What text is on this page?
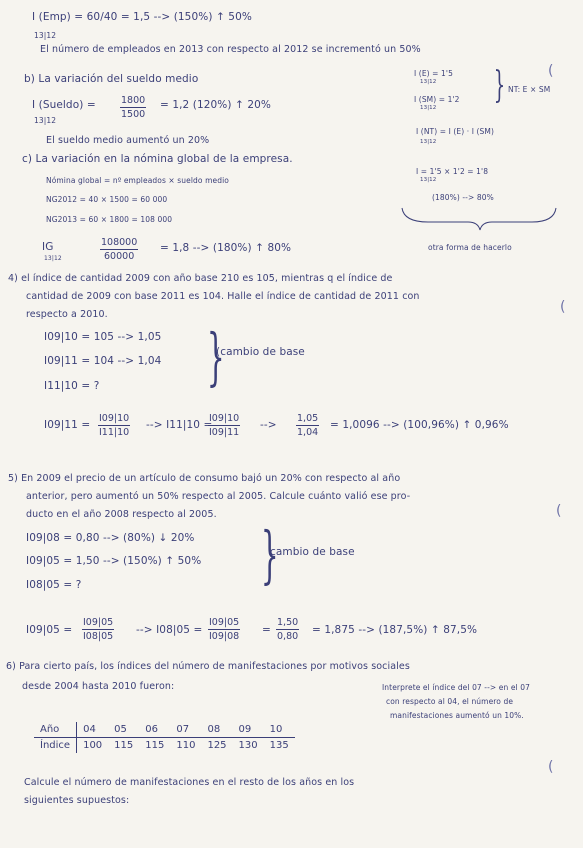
I (Emp) = 60/40 = 1,5 --> (150%) ↑ 50%
13|12
El número de empleados en 2013 con respecto al 2012 se incrementó un 50%
b) La variación del sueldo medio
I (Sueldo) =
13|12
$\frac{1800}{1500} = 1,2$ (120%) ↑ 20%
El sueldo medio aumentó un 20%
I (E) = 1'5
13|12
I (SM) = 1'2
13|12
} NT: E × SM
(
I (NT) = I (E) · I (SM)
13|12
c) La variación en la nómina global de la empresa.
Nómina global = nº empleados × sueldo medio
NG2012 = 40 × 1500 = 60 000
NG2013 = 60 × 1800 = 108 000
IG
13|12	$\frac{108000}{60000} = 1,8$ --> (180%) ↑ 80%
I = 1'5 × 1'2 = 1'8
13|12
(180%) --> 80%
otra forma de hacerlo
4) el índice de cantidad 2009 con año base 210 es 105, mientras q el índice de
cantidad de 2009 con base 2011 es 104. Halle el índice de cantidad de 2011 con
respecto a 2010.	(
I09|10 = 105 --> 1,05
I09|11 = 104 --> 1,04
I11|10 = ? }
(cambio de base
$I09|11 = \frac{I09|10}{I11|10}$ --> I11|10 =
$\frac{I09|10}{I09|11}$ --> $\frac{1,05}{1,04} = 1,0096$ --> (100,96%) ↑ 0,96%
5) En 2009 el precio de un artículo de consumo bajó un 20% con respecto al año
anterior, pero aumentó un 50% respecto al 2005. Calcule cuánto valió ese pro-
ducto en el año 2008 respecto al 2005.	(
I09|08 = 0,80 --> (80%) ↓ 20%
I09|05 = 1,50 --> (150%) ↑ 50%
I08|05 = ?	}
cambio de base
$I09|05 = \frac{I09|05}{I08|05}$ --> $I08|05 = \frac{I09|05}{I09|08} = \frac{1,50}{0,80} = 1,875$ --> (187,5%) ↑ 87,5%
6) Para cierto país, los índices del número de manifestaciones por motivos sociales
desde 2004 hasta 2010 fueron:	Interprete el índice del 07 --> en el 07
con respecto al 04, el número de
manifestaciones aumentó un 10%.
Año	04	05	06	07	08	09	10
Índice	100	115	115	110	125	130	135
(
Calcule el número de manifestaciones en el resto de los años en los
siguientes supuestos:
